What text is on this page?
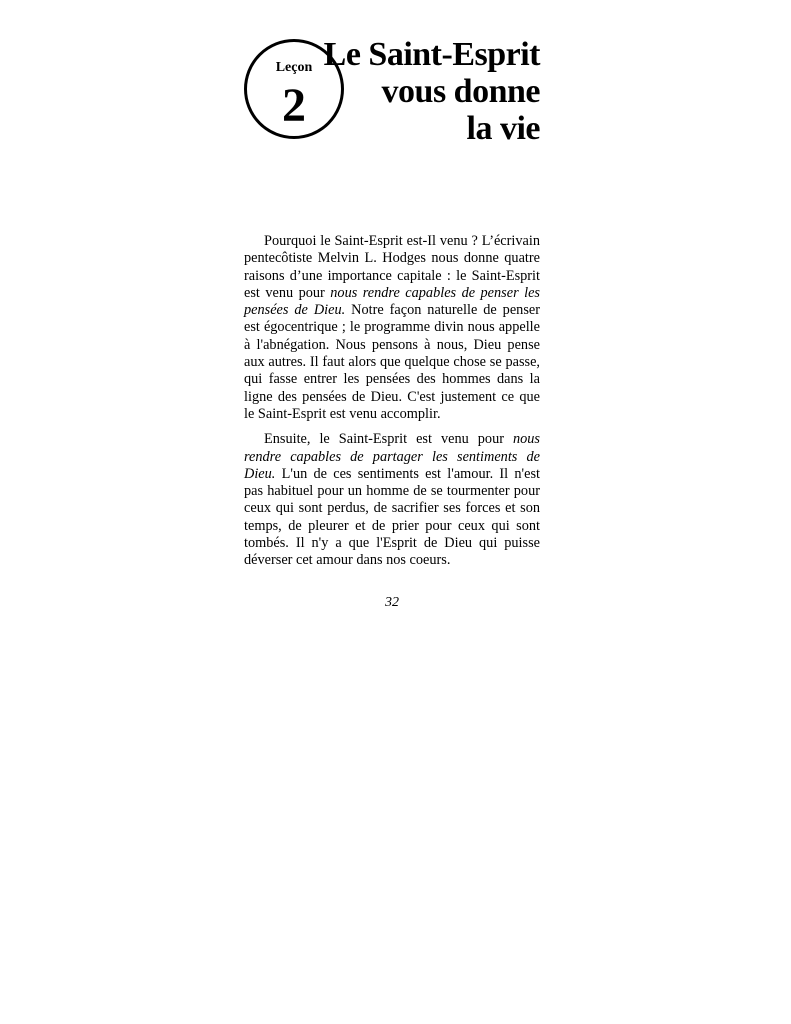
Leçon
2
Le Saint-Esprit
vous donne
la vie

Pourquoi le Saint-Esprit est-Il venu ? L’écrivain pentecôtiste Melvin L. Hodges nous donne quatre raisons d’une importance capitale : le Saint-Esprit est venu pour nous rendre capables de penser les pensées de Dieu. Notre façon naturelle de penser est égocentrique ; le programme divin nous appelle à l'abnégation. Nous pensons à nous, Dieu pense aux autres. Il faut alors que quelque chose se passe, qui fasse entrer les pensées des hommes dans la ligne des pensées de Dieu. C'est justement ce que le Saint-Esprit est venu accomplir.

Ensuite, le Saint-Esprit est venu pour nous rendre capables de partager les sentiments de Dieu. L'un de ces sentiments est l'amour. Il n'est pas habituel pour un homme de se tourmenter pour ceux qui sont perdus, de sacrifier ses forces et son temps, de pleurer et de prier pour ceux qui sont tombés. Il n'y a que l'Esprit de Dieu qui puisse déverser cet amour dans nos coeurs.

32
